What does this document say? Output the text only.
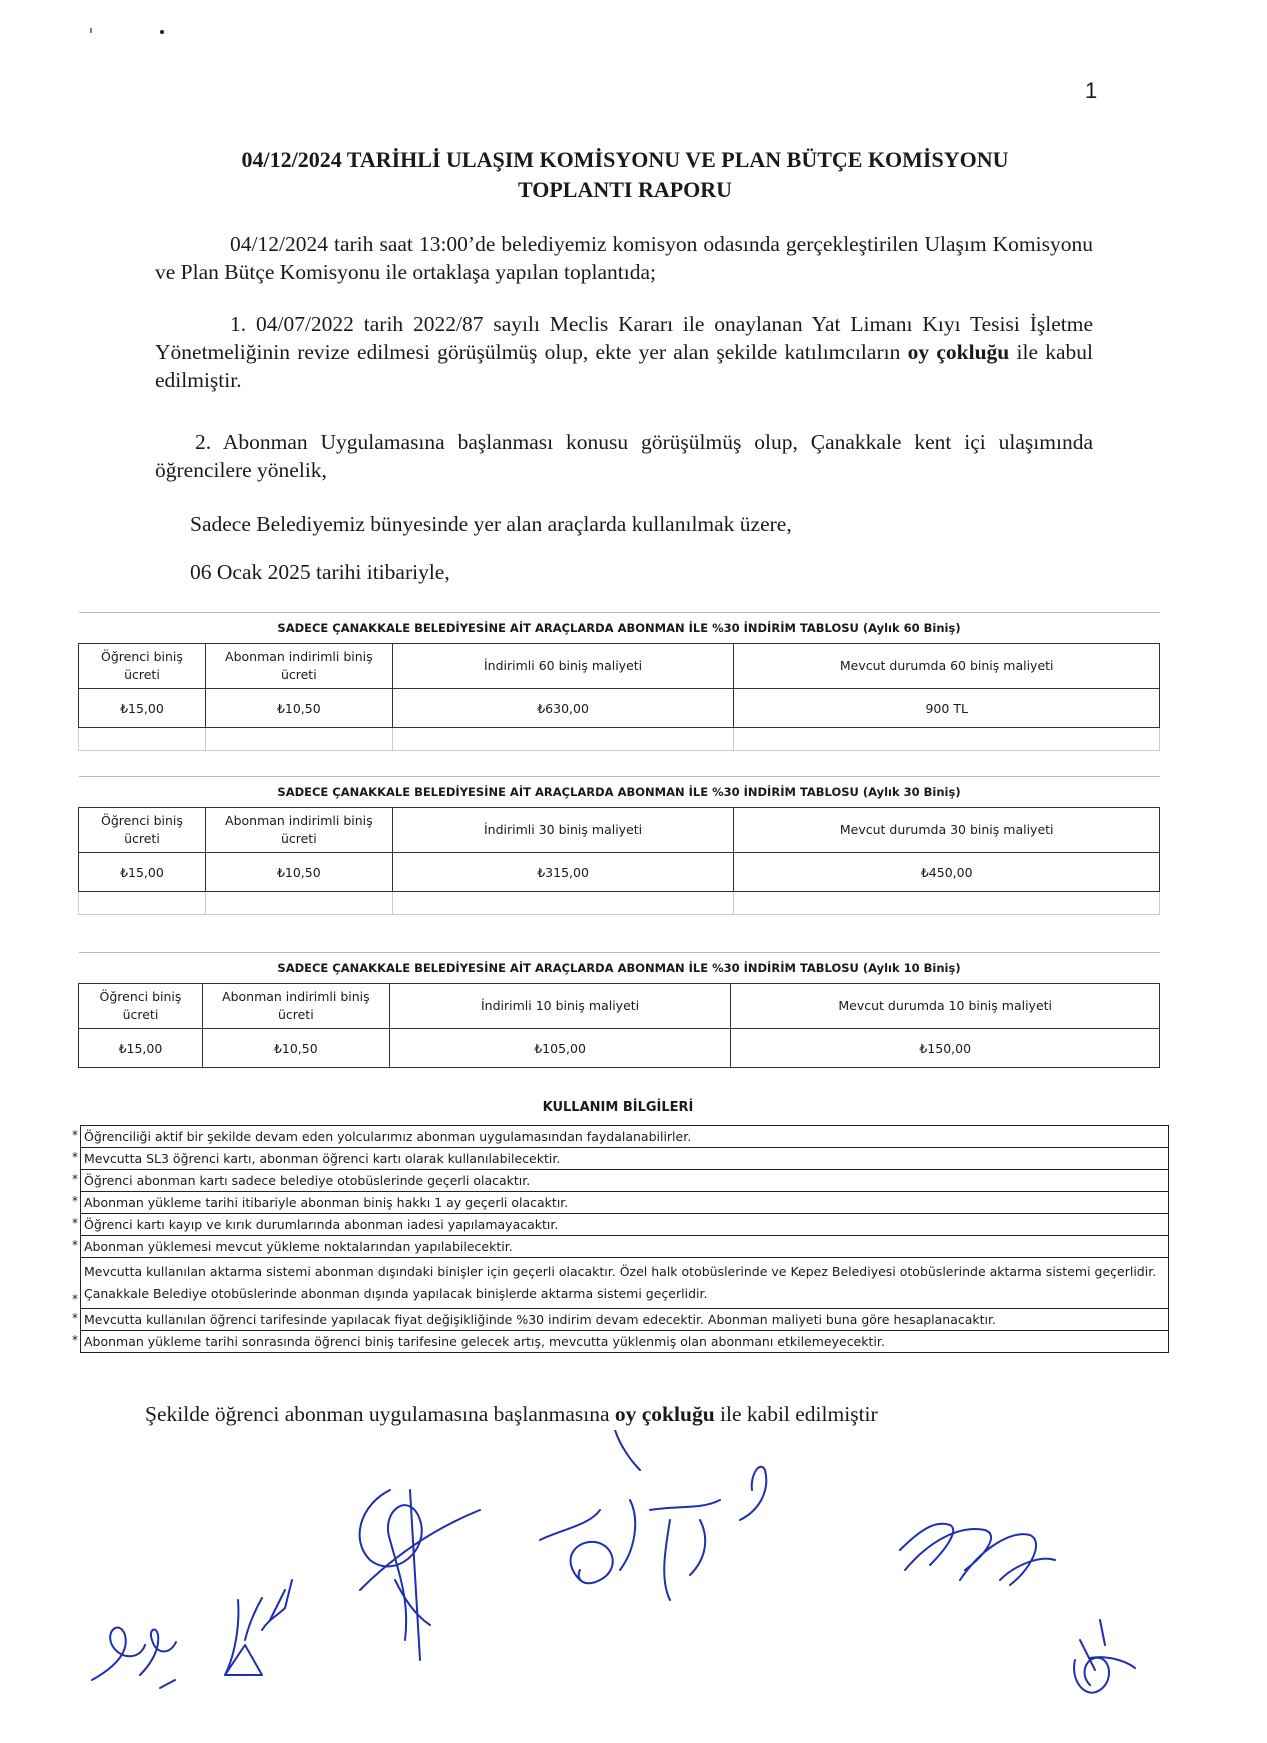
1
04/12/2024 TARİHLİ ULAŞIM KOMİSYONU VE PLAN BÜTÇE KOMİSYONU
TOPLANTI RAPORU
04/12/2024 tarih saat 13:00’de belediyemiz komisyon odasında gerçekleştirilen Ulaşım Komisyonu ve Plan Bütçe Komisyonu ile ortaklaşa yapılan toplantıda;
1. 04/07/2022 tarih 2022/87 sayılı Meclis Kararı ile onaylanan Yat Limanı Kıyı Tesisi İşletme Yönetmeliğinin revize edilmesi görüşülmüş olup, ekte yer alan şekilde katılımcıların oy çokluğu ile kabul edilmiştir.
2. Abonman Uygulamasına başlanması konusu görüşülmüş olup, Çanakkale kent içi ulaşımında öğrencilere yönelik,
Sadece Belediyemiz bünyesinde yer alan araçlarda kullanılmak üzere,
06 Ocak 2025 tarihi itibariyle,
SADECE ÇANAKKALE BELEDİYESİNE AİT ARAÇLARDA ABONMAN İLE %30 İNDİRİM TABLOSU (Aylık 60 Biniş)			
Öğrenci biniş ücreti	Abonman indirimli biniş ücreti	İndirimli 60 biniş maliyeti	Mevcut durumda 60 biniş maliyeti
₺15,00	₺10,50	₺630,00	900 TL

SADECE ÇANAKKALE BELEDİYESİNE AİT ARAÇLARDA ABONMAN İLE %30 İNDİRİM TABLOSU (Aylık 30 Biniş)			
Öğrenci biniş ücreti	Abonman indirimli biniş ücreti	İndirimli 30 biniş maliyeti	Mevcut durumda 30 biniş maliyeti
₺15,00	₺10,50	₺315,00	₺450,00

SADECE ÇANAKKALE BELEDİYESİNE AİT ARAÇLARDA ABONMAN İLE %30 İNDİRİM TABLOSU (Aylık 10 Biniş)			
Öğrenci biniş ücreti	Abonman indirimli biniş ücreti	İndirimli 10 biniş maliyeti	Mevcut durumda 10 biniş maliyeti
₺15,00	₺10,50	₺105,00	₺150,00
KULLANIM BİLGİLERİ
*	Öğrenciliği aktif bir şekilde devam eden yolcularımız abonman uygulamasından faydalanabilirler.
*	Mevcutta SL3 öğrenci kartı, abonman öğrenci kartı olarak kullanılabilecektir.
*	Öğrenci abonman kartı sadece belediye otobüslerinde geçerli olacaktır.
*	Abonman yükleme tarihi itibariyle abonman biniş hakkı 1 ay geçerli olacaktır.
*	Öğrenci kartı kayıp ve kırık durumlarında abonman iadesi yapılamayacaktır.
*	Abonman yüklemesi mevcut yükleme noktalarından yapılabilecektir.
*	Mevcutta kullanılan aktarma sistemi abonman dışındaki binişler için geçerli olacaktır. Özel halk otobüslerinde ve Kepez Belediyesi otobüslerinde aktarma sistemi geçerlidir. Çanakkale Belediye otobüslerinde abonman dışında yapılacak binişlerde aktarma sistemi geçerlidir.
*	Mevcutta kullanılan öğrenci tarifesinde yapılacak fiyat değişikliğinde %30 indirim devam edecektir. Abonman maliyeti buna göre hesaplanacaktır.
*	Abonman yükleme tarihi sonrasında öğrenci biniş tarifesine gelecek artış, mevcutta yüklenmiş olan abonmanı etkilemeyecektir.
Şekilde öğrenci abonman uygulamasına başlanmasına oy çokluğu ile kabil edilmiştir
